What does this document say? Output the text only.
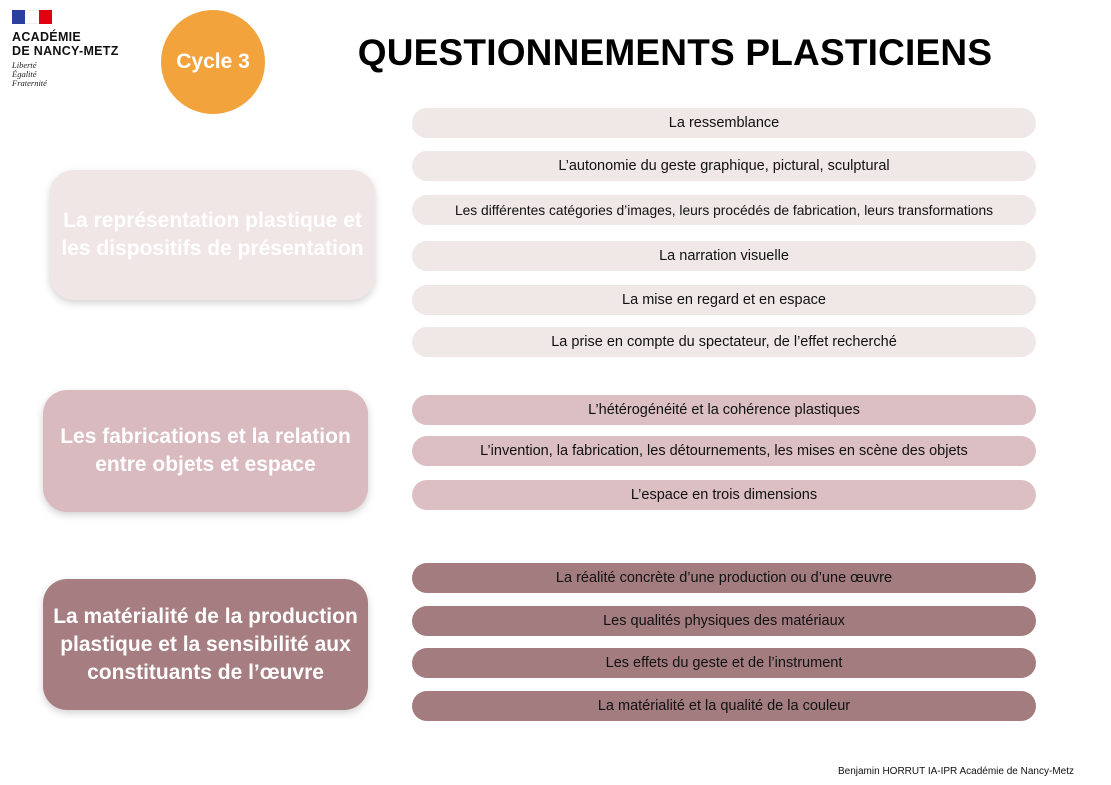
ACADÉMIE
DE NANCY-METZ
Liberté
Égalité
Fraternité
Cycle 3	QUESTIONNEMENTS PLASTICIENS
La représentation plastique et les dispositifs de présentation
Les fabrications et la relation entre objets et espace
La matérialité de la production plastique et la sensibilité aux constituants de l’œuvre
La ressemblance
L’autonomie du geste graphique, pictural, sculptural
Les différentes catégories d’images, leurs procédés de fabrication, leurs transformations
La narration visuelle
La mise en regard et en espace
La prise en compte du spectateur, de l’effet recherché
L’hétérogénéité et la cohérence plastiques
L’invention, la fabrication, les détournements, les mises en scène des objets
L’espace en trois dimensions
La réalité concrète d’une production ou d’une œuvre
Les qualités physiques des matériaux
Les effets du geste et de l’instrument
La matérialité et la qualité de la couleur
Benjamin HORRUT IA-IPR Académie de Nancy-Metz
